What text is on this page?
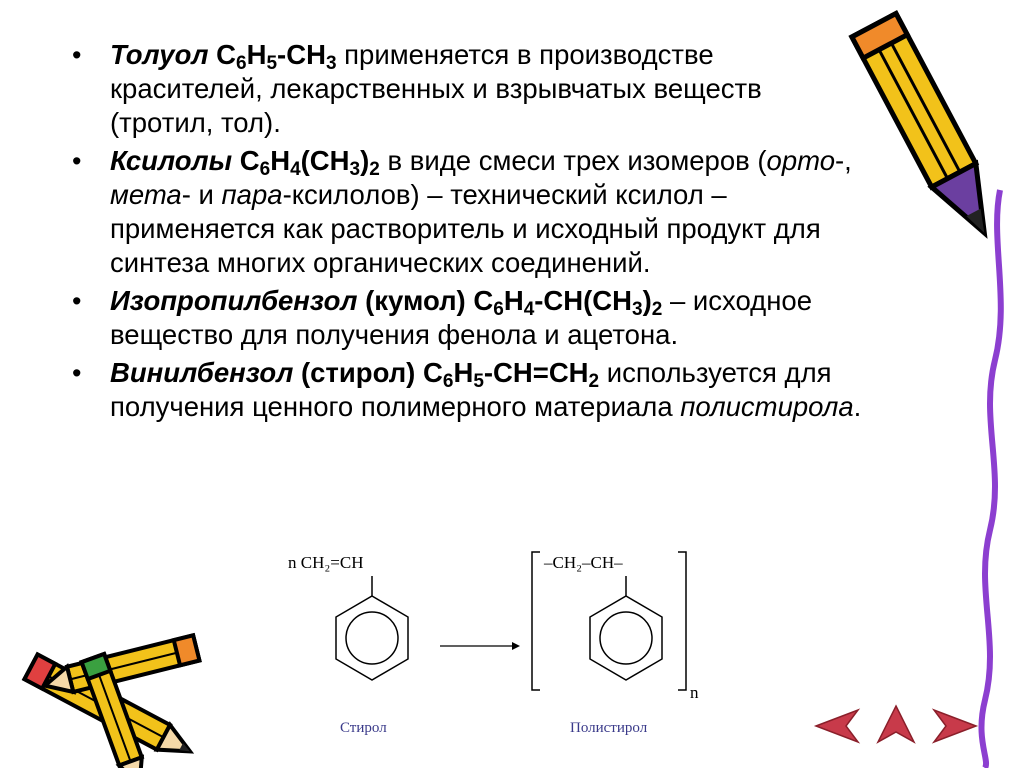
• Толуол $C_6H_5-CH_3$ применяется в производстве красителей, лекарственных и взрывчатых веществ (тротил, тол).
• Ксилолы $C_6H_4(CH_3)_2$ в виде смеси трех изомеров (орто-, мета- и пара-ксилолов) – технический ксилол – применяется как растворитель и исходный продукт для синтеза многих органических соединений.
• Изопропилбензол (кумол) $C_6H_4-CH(CH_3)_2$ – исходное вещество для получения фенола и ацетона.
• Винилбензол (стирол) $C_6H_5-CH=CH_2$ используется для получения ценного полимерного материала полистирола.
n CH₂=CH	–CH₂–CH–
n
Стирол	Полистирол
